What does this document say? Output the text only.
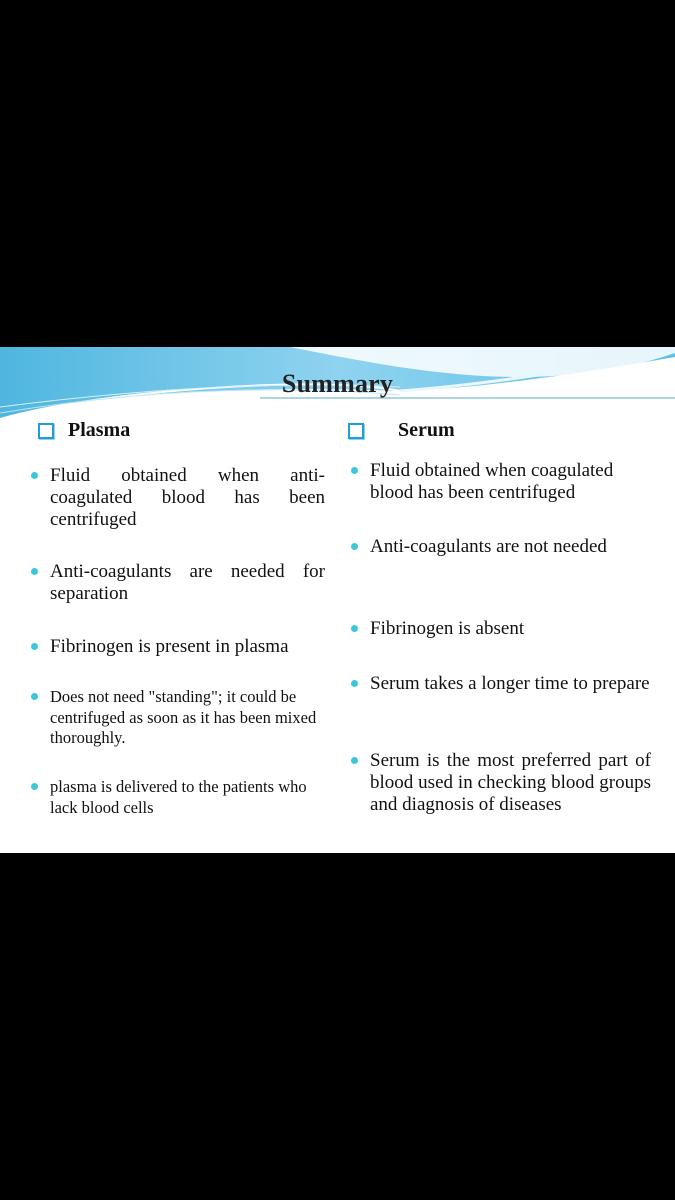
Summary
Plasma	Serum
Fluid obtained when anti-coagulated blood has been centrifuged
Anti-coagulants are needed for separation
Fibrinogen is present in plasma
Does not need "standing"; it could be centrifuged as soon as it has been mixed thoroughly.
plasma is delivered to the patients who lack blood cells
Fluid obtained when coagulated blood has been centrifuged
Anti-coagulants are not needed
Fibrinogen is absent
Serum takes a longer time to prepare
Serum is the most preferred part of blood used in checking blood groups and diagnosis of diseases
